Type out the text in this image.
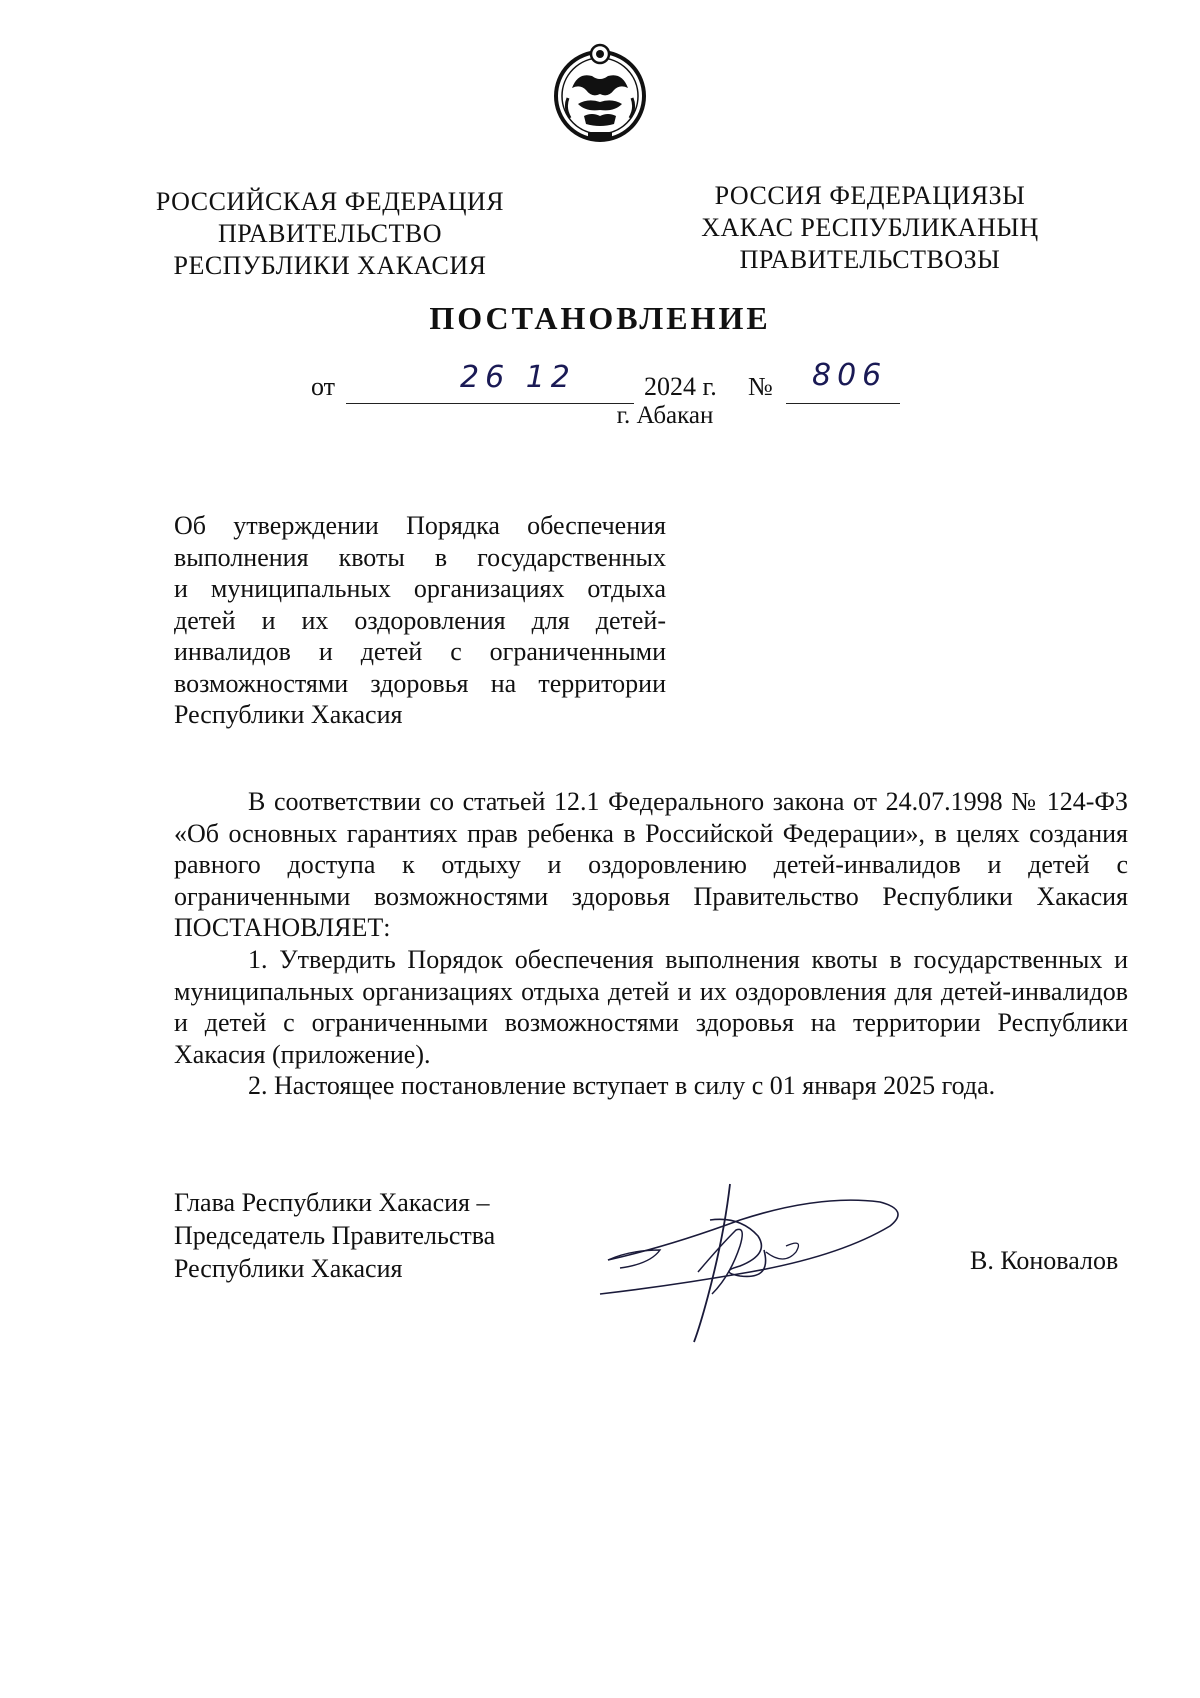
РОССИЙСКАЯ ФЕДЕРАЦИЯ
ПРАВИТЕЛЬСТВО
РЕСПУБЛИКИ ХАКАСИЯ
РОССИЯ ФЕДЕРАЦИЯЗЫ
ХАКАС РЕСПУБЛИКАНЫҢ
ПРАВИТЕЛЬСТВОЗЫ
ПОСТАНОВЛЕНИЕ
от	26 12	2024 г. № 806
г. Абакан
Об утверждении Порядка обеспечения
выполнения квоты в государственных
и муниципальных организациях отдыха
детей и их оздоровления для детей-
инвалидов и детей с ограниченными
возможностями здоровья на территории
Республики Хакасия

В соответствии со статьей 12.1 Федерального закона от 24.07.1998 № 124-ФЗ «Об основных гарантиях прав ребенка в Российской Федерации», в целях создания равного доступа к отдыху и оздоровлению детей-инвалидов и детей с ограниченными возможностями здоровья Правительство Республики Хакасия ПОСТАНОВЛЯЕТ:

1. Утвердить Порядок обеспечения выполнения квоты в государственных и муниципальных организациях отдыха детей и их оздоровления для детей-инвалидов и детей с ограниченными возможностями здоровья на территории Республики Хакасия (приложение).

2. Настоящее постановление вступает в силу с 01 января 2025 года.

Глава Республики Хакасия –
Председатель Правительства
Республики Хакасия	В. Коновалов
